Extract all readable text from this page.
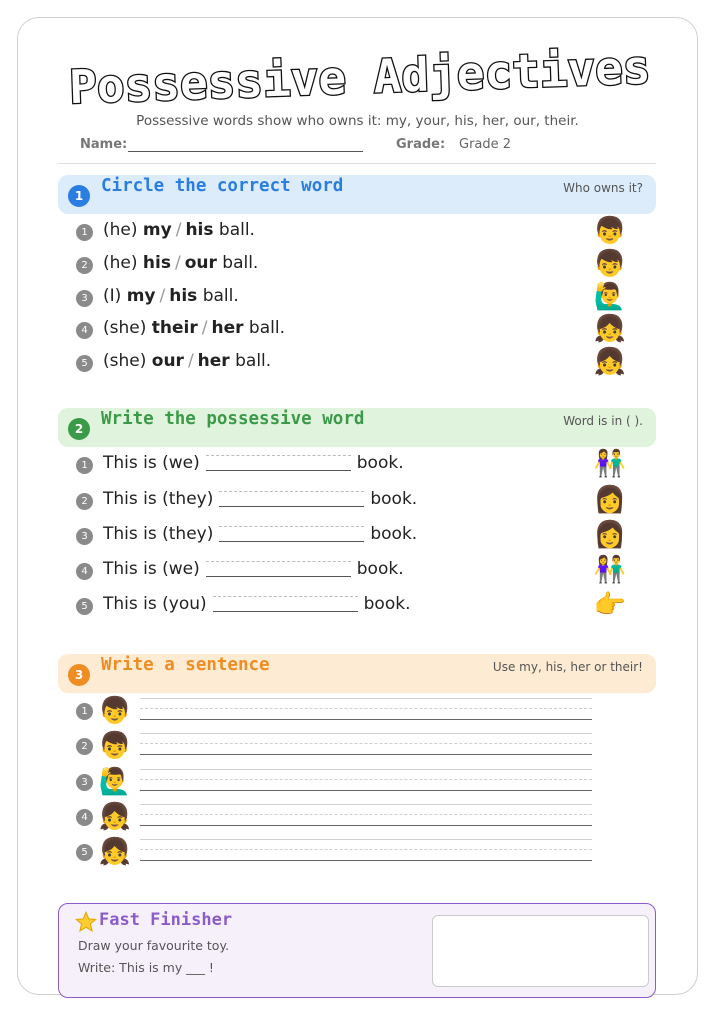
Possessive Adjectives
Possessive words show who owns it: my, your, his, her, our, their.
Name:	Grade: Grade 2
1	Circle the correct word	Who owns it?
1 (he) my / his ball.	👦
2 (he) his / our ball.	👦
3 (I) my / his ball.	🙋‍♂️
4 (she) their / her ball.	👧
5 (she) our / her ball.	👧
2	Write the possessive word	Word is in ( ).
1 This is (we)	book.	👫
2 This is (they)	book.	👩
3 This is (they)	book.	👩
4 This is (we)	book.	👫
5 This is (you)	book.	👉
3	Write a sentence	Use my, his, her or their!
1 👦
2 👦
3 🙋‍♂️
4 👧
5 👧
Fast Finisher
Draw your favourite toy.
Write: This is my ___ !
